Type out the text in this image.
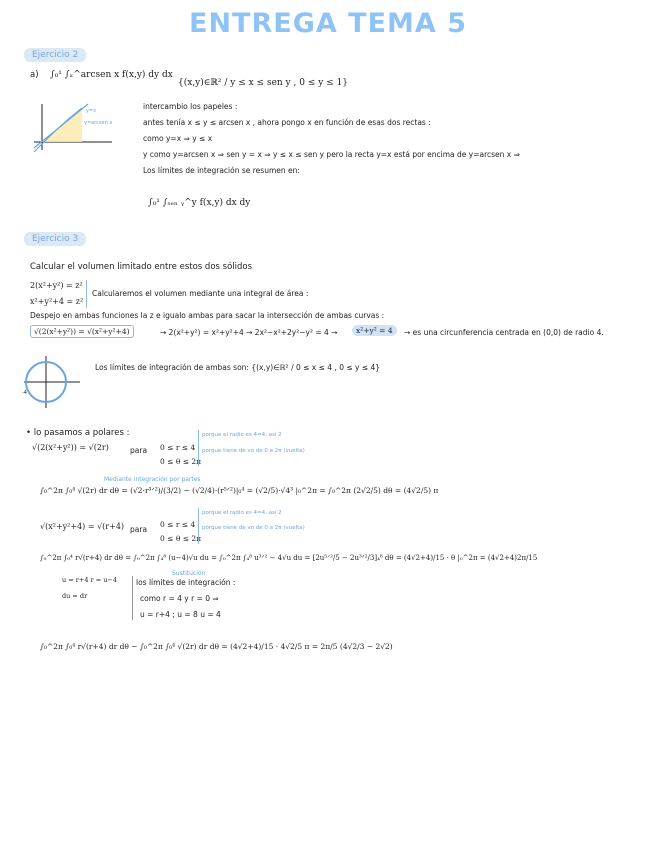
ENTREGA TEMA 5
Ejercicio 2
a) ∫₀¹ ∫ₓ^arcsen x f(x,y) dy dx
{(x,y)∈ℝ² / y ≤ x ≤ sen y , 0 ≤ y ≤ 1}
y=x
y=arcsen x
intercambio los papeles :
antes tenía x ≤ y ≤ arcsen x , ahora pongo x en función de esas dos rectas :
como y=x ⇒ y ≤ x
y como y=arcsen x ⇒ sen y = x ⇒ y ≤ x ≤ sen y pero la recta y=x está por encima de y=arcsen x ⇒
Los límites de integración se resumen en:
∫₀¹ ∫ₛₑₙ ᵧ^y f(x,y) dx dy
Ejercicio 3
Calcular el volumen limitado entre estos dos sólidos
2(x²+y²) = z²
x²+y²+4 = z²
Calcularemos el volumen mediante una integral de área :
Despejo en ambas funciones la z e igualo ambas para sacar la intersección de ambas curvas :
√(2(x²+y²)) = √(x²+y²+4)	→ 2(x²+y²) = x²+y²+4 → 2x²−x²+2y²−y² = 4 →	x²+y² = 4	→ es una circunferencia centrada en (0,0) de radio 4.
-4
Los límites de integración de ambas son: {(x,y)∈ℝ² / 0 ≤ x ≤ 4 , 0 ≤ y ≤ 4}
• lo pasamos a polares :
√(2(x²+y²)) = √(2r)	para 0 ≤ r ≤ 4
0 ≤ θ ≤ 2π
porque el radio es 4=4, así 2
porque tiene de vo de 0 a 2π (vuelta)
Mediante integración por partes
∫₀^2π ∫₀⁴ √(2r) dr dθ = (√2·r³ᐟ²)/(3/2) − (√2/4)·(r⁵ᐟ²)|₀⁴ = (√2/5)·√4³ |₀^2π = ∫₀^2π (2√2/5) dθ = (4√2/5) π
√(x²+y²+4) = √(r+4) para
0 ≤ r ≤ 4
0 ≤ θ ≤ 2π
porque el radio es 4=4, así 2
porque tiene de vo de 0 a 2π (vuelta)
∫₀^2π ∫₀⁴ r√(r+4) dr dθ = ∫₀^2π ∫₄⁸ (u−4)√u du = ∫₀^2π ∫₄⁸ u³ᐟ² − 4√u du = [2u⁵ᐟ²/5 − 2u³ᐟ²/3]₄⁸ dθ = (4√2+4)/15 · θ |₀^2π = (4√2+4)2π/15
Sustitución
u = r+4 r = u−4
du = dr
los límites de integración :
como r = 4 y r = 0 ⇒
u = r+4 ; u = 8 u = 4
∫₀^2π ∫₀⁴ r√(r+4) dr dθ − ∫₀^2π ∫₀⁴ √(2r) dr dθ = (4√2+4)/15 · 4√2/5 π = 2π/5 (4√2/3 − 2√2)
